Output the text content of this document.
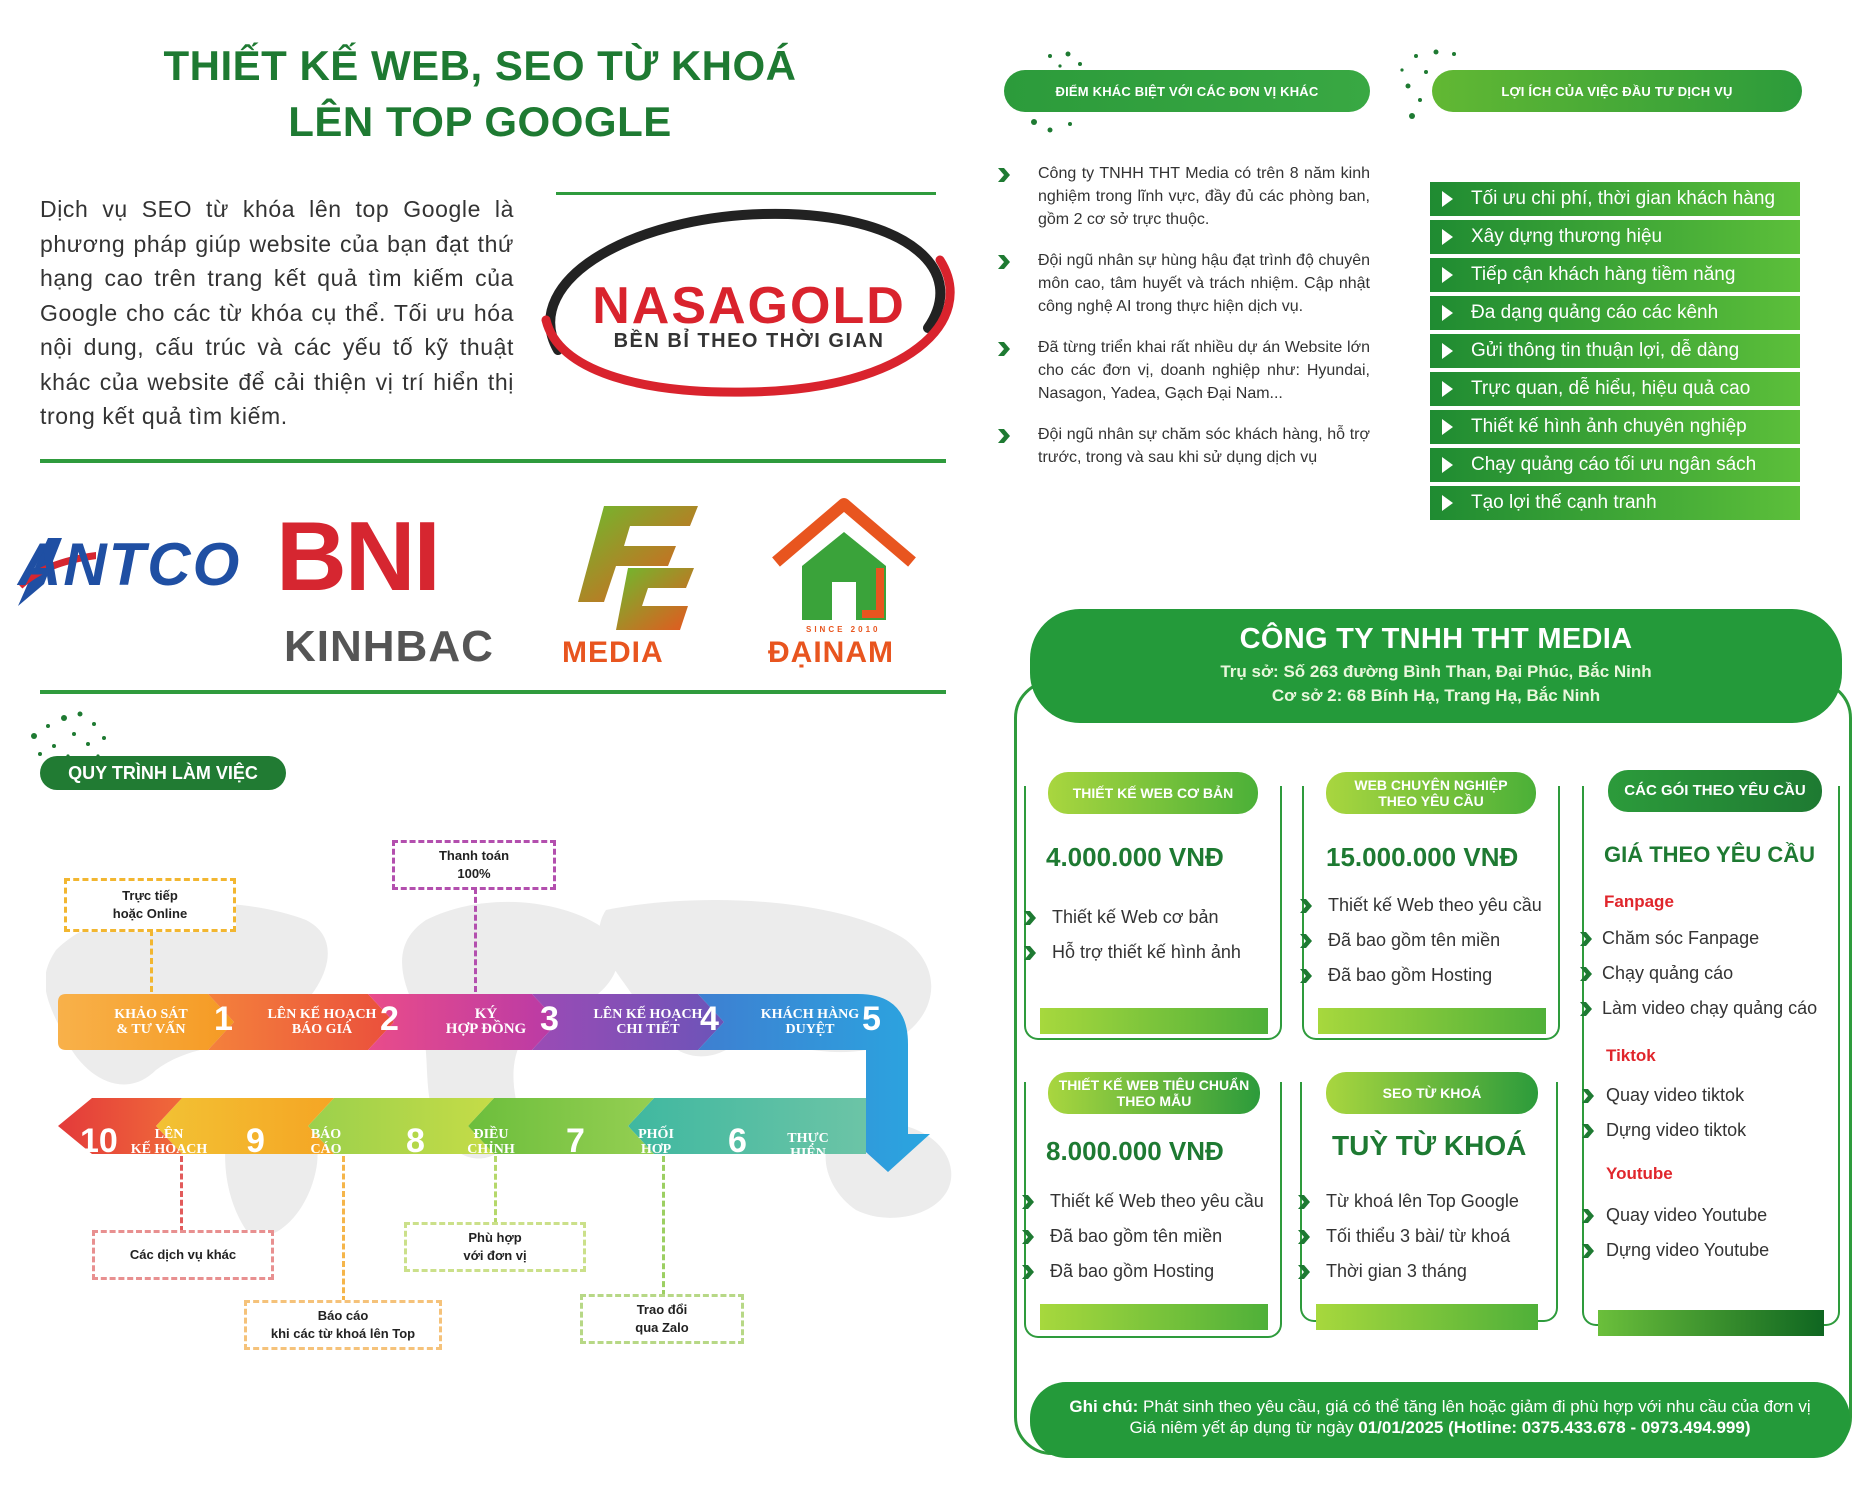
THIẾT KẾ WEB, SEO TỪ KHOÁ
LÊN TOP GOOGLE
Dịch vụ SEO từ khóa lên top Google là phương pháp giúp website của bạn đạt thứ hạng cao trên trang kết quả tìm kiếm của Google cho các từ khóa cụ thể. Tối ưu hóa nội dung, cấu trúc và các yếu tố kỹ thuật khác của website để cải thiện vị trí hiển thị trong kết quả tìm kiếm.
NASAGOLD
BỀN BỈ THEO THỜI GIAN
ANTCO BNI
KINHBAC MEDIA
SINCE 2010
ĐẠINAM
QUY TRÌNH LÀM VIỆC
KHẢO SÁT
& TƯ VẤN 1 LÊN KẾ HOẠCH
BÁO GIÁ 2	KÝ
HỢP ĐỒNG 3 LÊN KẾ HOẠCH
CHI TIẾT 4	KHÁCH HÀNG
DUYỆT 5
6	THỰC
HIỆN
7	PHỐI
HỢP
8	ĐIỀU
CHỈNH
9	BÁO
CÁO
10	LÊN
KẾ HOẠCH
Trực tiếp
hoặc Online
Thanh toán
100%
Các dịch vụ khác
Báo cáo
khi các từ khoá lên Top
Phù hợp
với đơn vị
Trao đổi
qua Zalo
ĐIỂM KHÁC BIỆT VỚI CÁC ĐƠN VỊ KHÁC	LỢI ÍCH CỦA VIỆC ĐẦU TƯ DỊCH VỤ
Công ty TNHH THT Media có trên 8 năm kinh nghiệm trong lĩnh vực, đầy đủ các phòng ban, gồm 2 cơ sở trực thuộc.
Đội ngũ nhân sự hùng hậu đạt trình độ chuyên môn cao, tâm huyết và trách nhiệm. Cập nhật công nghệ AI trong thực hiện dịch vụ.
Đã từng triển khai rất nhiều dự án Website lớn cho các đơn vị, doanh nghiệp như: Hyundai, Nasagon, Yadea, Gạch Đại Nam...
Đội ngũ nhân sự chăm sóc khách hàng, hỗ trợ trước, trong và sau khi sử dụng dịch vụ
Tối ưu chi phí, thời gian khách hàng
Xây dựng thương hiệu
Tiếp cận khách hàng tiềm năng
Đa dạng quảng cáo các kênh
Gửi thông tin thuận lợi, dễ dàng
Trực quan, dễ hiểu, hiệu quả cao
Thiết kế hình ảnh chuyên nghiệp
Chạy quảng cáo tối ưu ngân sách
Tạo lợi thế cạnh tranh
CÔNG TY TNHH THT MEDIA
Trụ sở: Số 263 đường Bình Than, Đại Phúc, Bắc Ninh
Cơ sở 2: 68 Bính Hạ, Trang Hạ, Bắc Ninh
THIẾT KẾ WEB CƠ BẢN
4.000.000 VNĐ
Thiết kế Web cơ bản
Hỗ trợ thiết kế hình ảnh
WEB CHUYÊN NGHIỆP
THEO YÊU CẦU
15.000.000 VNĐ
Thiết kế Web theo yêu cầu
Đã bao gồm tên miền
Đã bao gồm Hosting
CÁC GÓI THEO YÊU CẦU
GIÁ THEO YÊU CẦU
Fanpage
Chăm sóc Fanpage
Chạy quảng cáo
Làm video chạy quảng cáo
Tiktok
Quay video tiktok
Dựng video tiktok
Youtube
Quay video Youtube
Dựng video Youtube
THIẾT KẾ WEB TIÊU CHUẨN
THEO MẪU
8.000.000 VNĐ
Thiết kế Web theo yêu cầu
Đã bao gồm tên miền
Đã bao gồm Hosting
SEO TỪ KHOÁ
TUỲ TỪ KHOÁ
Từ khoá lên Top Google
Tối thiểu 3 bài/ từ khoá
Thời gian 3 tháng
Ghi chú: Phát sinh theo yêu cầu, giá có thể tăng lên hoặc giảm đi phù hợp với nhu cầu của đơn vị
Giá niêm yết áp dụng từ ngày 01/01/2025 (Hotline: 0375.433.678 - 0973.494.999)
